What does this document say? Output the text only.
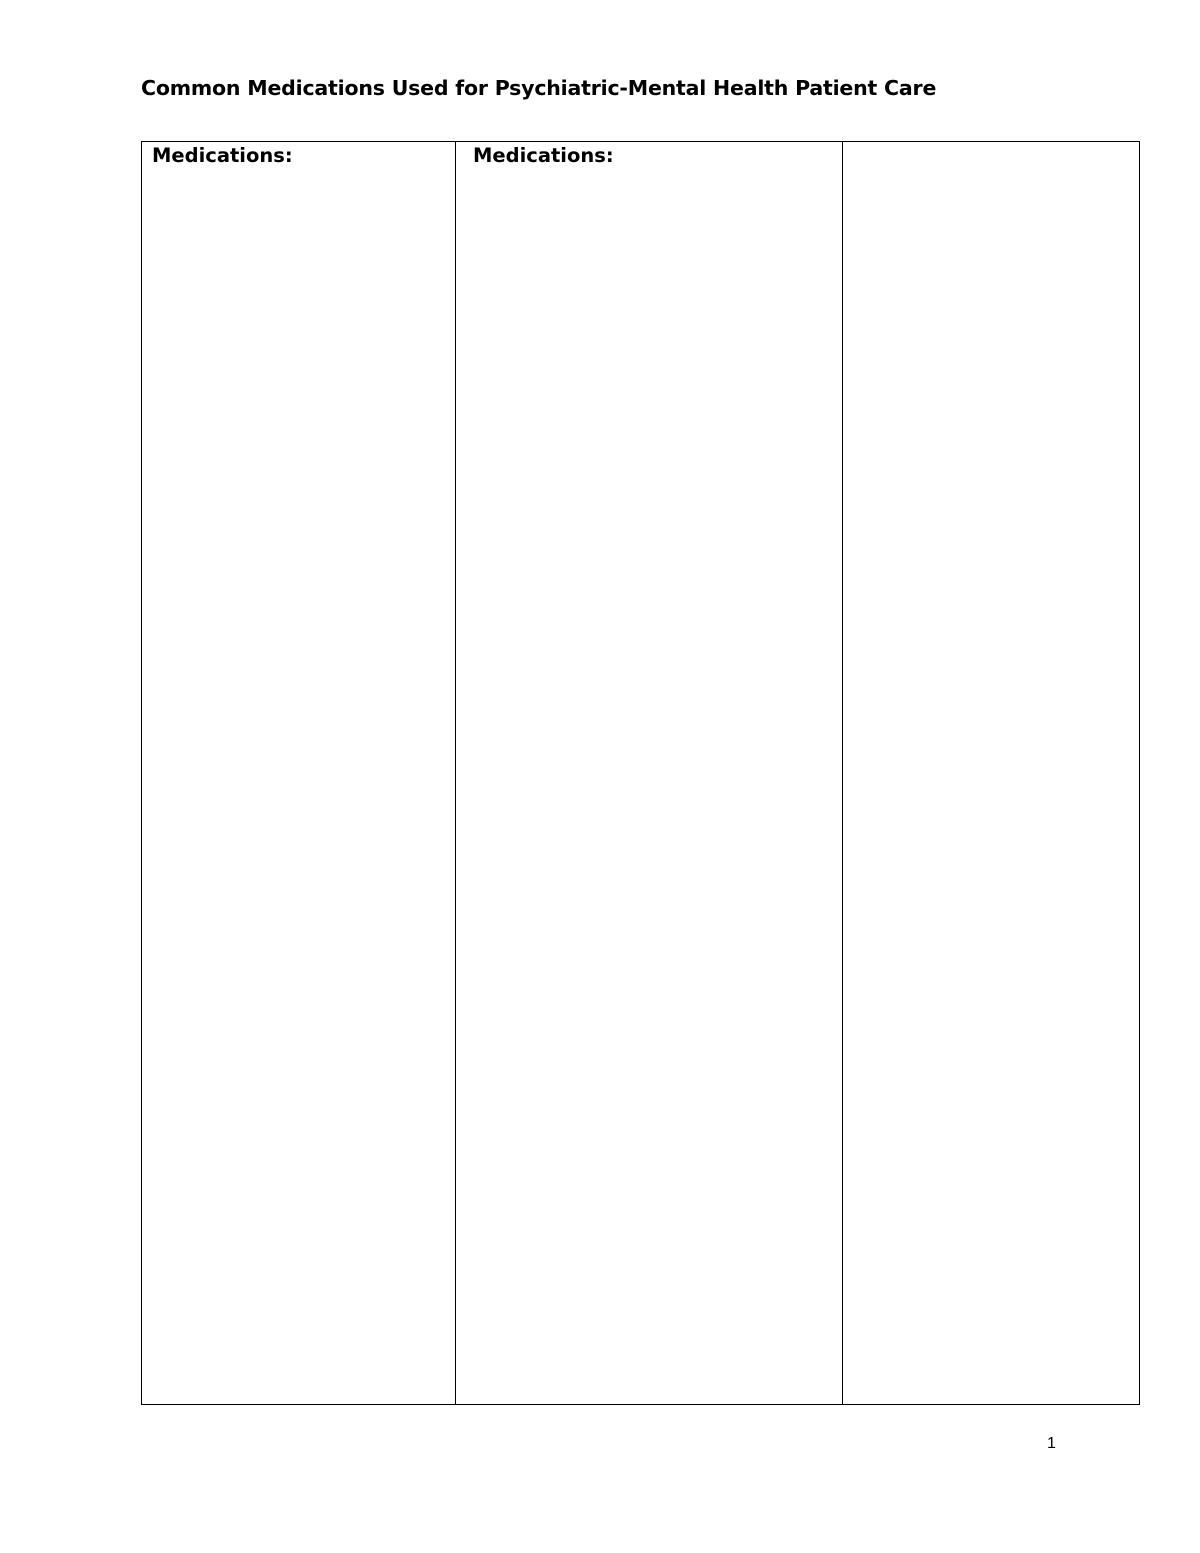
Common Medications Used for Psychiatric-Mental Health Patient Care
Medications:	Medications:
1
